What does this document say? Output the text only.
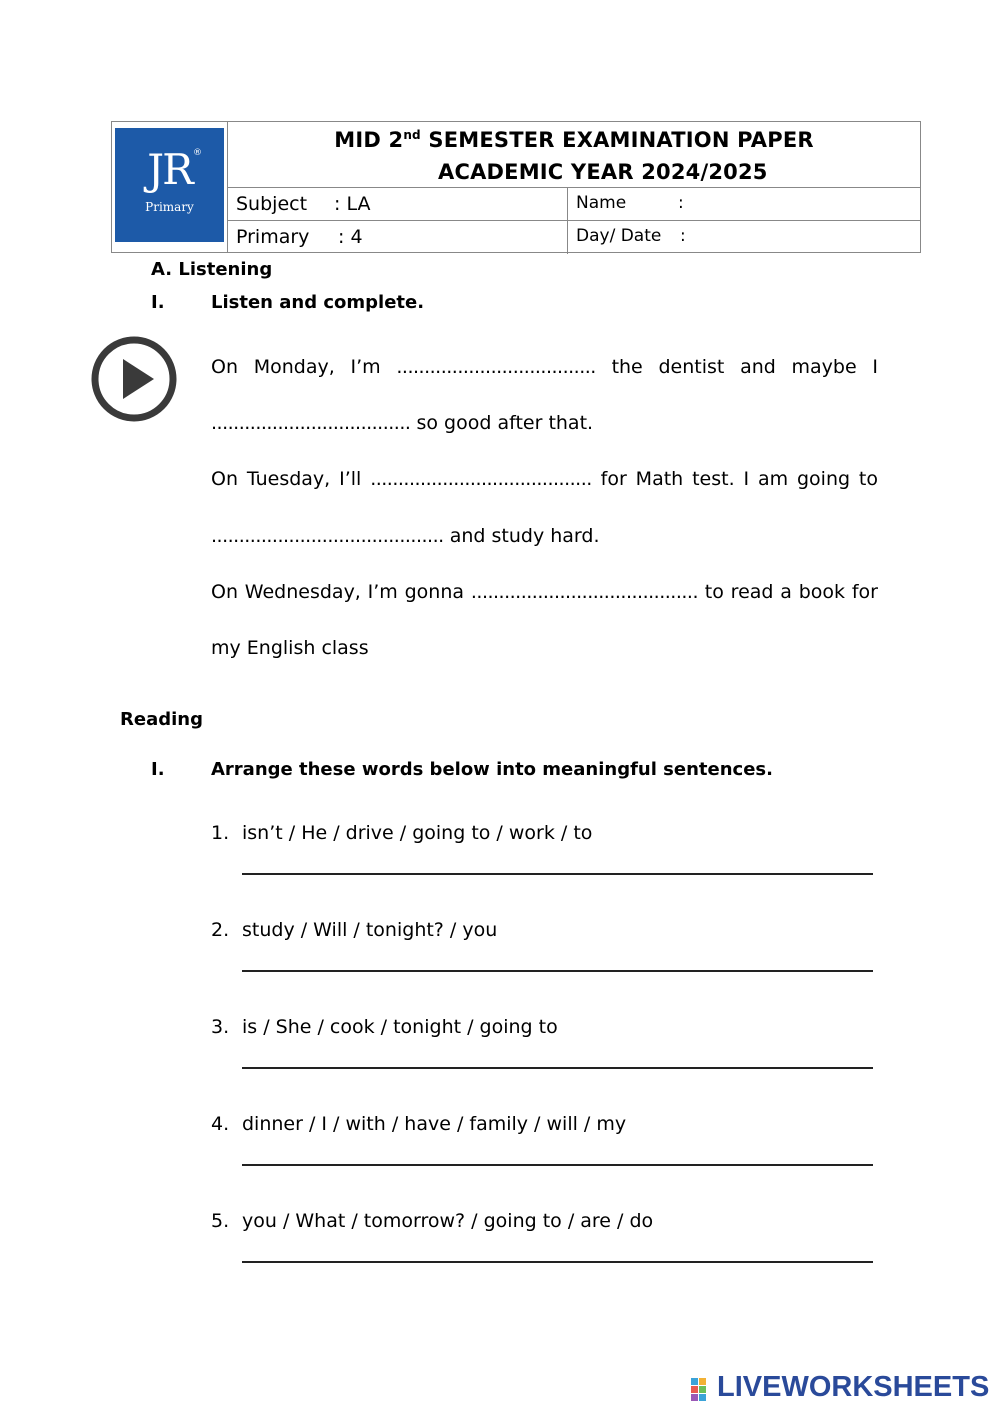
JR ®
Primary
MID 2nd SEMESTER EXAMINATION PAPER
ACADEMIC YEAR 2024/2025
Subject : LA	Name	:
Primary : 4	Day/ Date :
A. Listening
I.	Listen and complete.
On Monday, I’m .................................... the dentist and maybe I
.................................... so good after that.
On Tuesday, I’ll ........................................ for Math test. I am going to
.......................................... and study hard.
On Wednesday, I’m gonna ......................................... to read a book for
my English class
Reading
I.	Arrange these words below into meaningful sentences.
1. isn’t / He / drive / going to / work / to
2. study / Will / tonight? / you
3. is / She / cook / tonight / going to
4. dinner / I / with / have / family / will / my
5. you / What / tomorrow? / going to / are / do
LIVEWORKSHEETS
